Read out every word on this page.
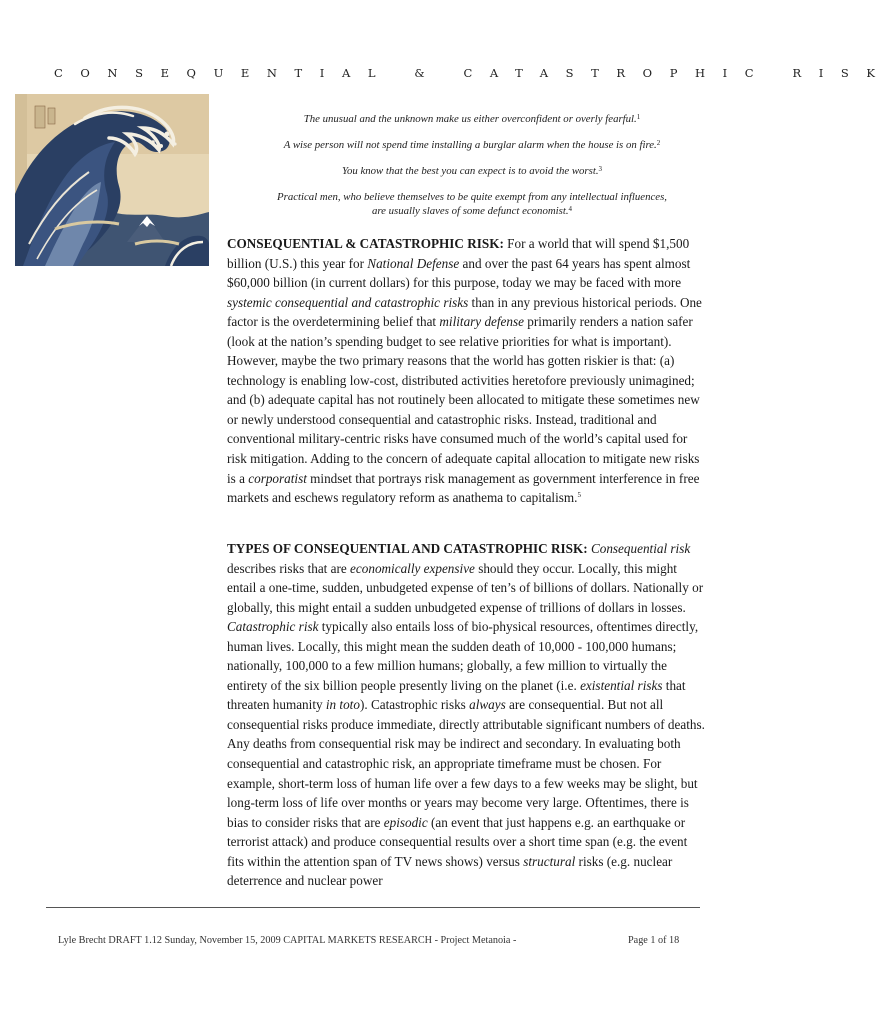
CONSEQUENTIAL & CATASTROPHIC RISK

The unusual and the unknown make us either overconfident or overly fearful.$^1$

A wise person will not spend time installing a burglar alarm when the house is on fire.$^2$

You know that the best you can expect is to avoid the worst.$^3$

Practical men, who believe themselves to be quite exempt from any intellectual influences,
are usually slaves of some defunct economist.$^4$

CONSEQUENTIAL & CATASTROPHIC RISK: For a world that will spend $1,500 billion (U.S.) this year for National Defense and over the past 64 years has spent almost $60,000 billion (in current dollars) for this purpose, today we may be faced with more systemic consequential and catastrophic risks than in any previous historical periods. One factor is the overdetermining belief that military defense primarily renders a nation safer (look at the nation’s spending budget to see relative priorities for what is important). However, maybe the two primary reasons that the world has gotten riskier is that: (a) technology is enabling low-cost, distributed activities heretofore previously unimagined; and (b) adequate capital has not routinely been allocated to mitigate these sometimes new or newly understood consequential and catastrophic risks. Instead, traditional and conventional military-centric risks have consumed much of the world’s capital used for risk mitigation. Adding to the concern of adequate capital allocation to mitigate new risks is a corporatist mindset that portrays risk management as government interference in free markets and eschews regulatory reform as anathema to capitalism.$^5$
TYPES OF CONSEQUENTIAL AND CATASTROPHIC RISK: Consequential risk describes risks that are economically expensive should they occur. Locally, this might entail a one-time, sudden, unbudgeted expense of ten’s of billions of dollars. Nationally or globally, this might entail a sudden unbudgeted expense of trillions of dollars in losses. Catastrophic risk typically also entails loss of bio-physical resources, oftentimes directly, human lives. Locally, this might mean the sudden death of 10,000 - 100,000 humans; nationally, 100,000 to a few million humans; globally, a few million to virtually the entirety of the six billion people presently living on the planet (i.e. existential risks that threaten humanity in toto). Catastrophic risks always are consequential. But not all consequential risks produce immediate, directly attributable significant numbers of deaths. Any deaths from consequential risk may be indirect and secondary. In evaluating both consequential and catastrophic risk, an appropriate timeframe must be chosen. For example, short-term loss of human life over a few days to a few weeks may be slight, but long-term loss of life over months or years may become very large. Oftentimes, there is bias to consider risks that are episodic (an event that just happens e.g. an earthquake or terrorist attack) and produce consequential results over a short time span (e.g. the event fits within the attention span of TV news shows) versus structural risks (e.g. nuclear deterrence and nuclear power
Lyle Brecht DRAFT 1.12 Sunday, November 15, 2009 CAPITAL MARKETS RESEARCH - Project Metanoia -	Page 1 of 18
